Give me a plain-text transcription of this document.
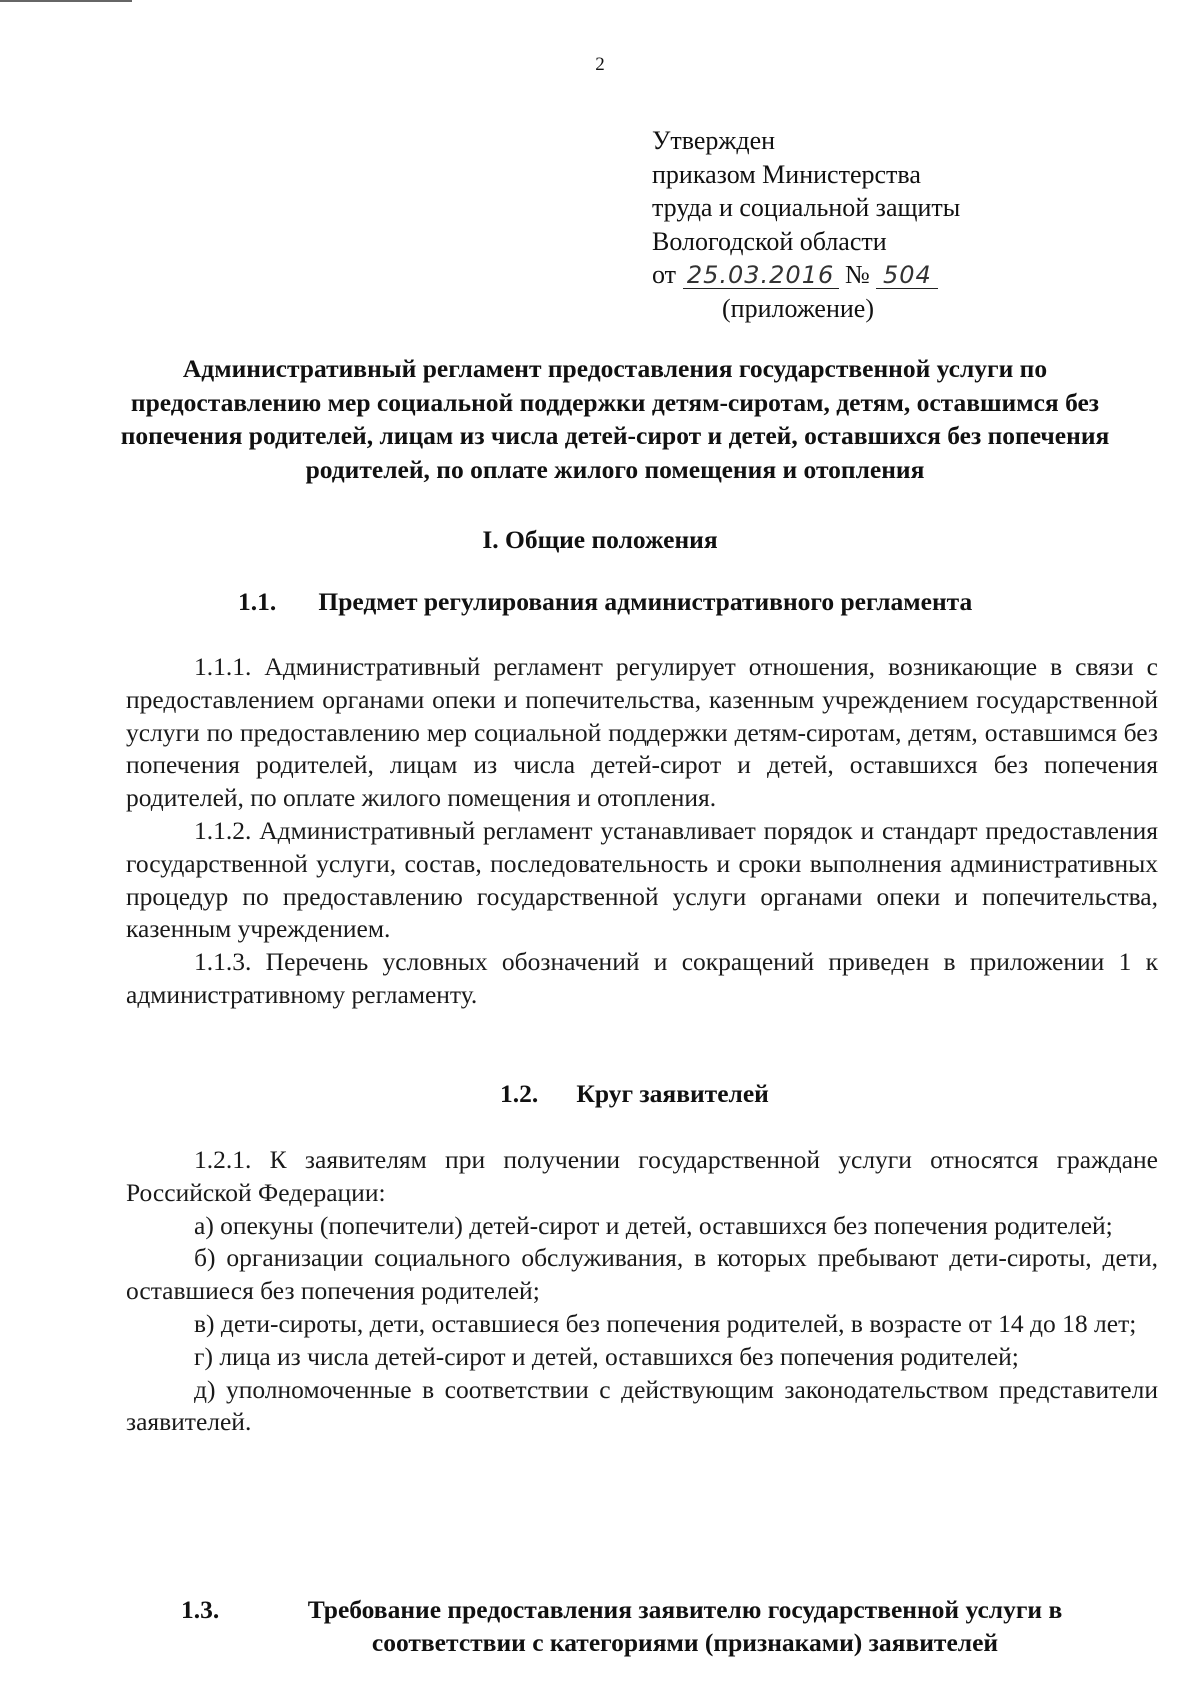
2
Утвержден
приказом Министерства
труда и социальной защиты
Вологодской области
от 25.03.2016 № 504
(приложение)
Административный регламент предоставления государственной услуги по предоставлению мер социальной поддержки детям-сиротам, детям, оставшимся без попечения родителей, лицам из числа детей-сирот и детей, оставшихся без попечения родителей, по оплате жилого помещения и отопления
I. Общие положения
1.1. Предмет регулирования административного регламента

1.1.1. Административный регламент регулирует отношения, возникающие в связи с предоставлением органами опеки и попечительства, казенным учреждением государственной услуги по предоставлению мер социальной поддержки детям-сиротам, детям, оставшимся без попечения родителей, лицам из числа детей-сирот и детей, оставшихся без попечения родителей, по оплате жилого помещения и отопления.

1.1.2. Административный регламент устанавливает порядок и стандарт предоставления государственной услуги, состав, последовательность и сроки выполнения административных процедур по предоставлению государственной услуги органами опеки и попечительства, казенным учреждением.

1.1.3. Перечень условных обозначений и сокращений приведен в приложении 1 к административному регламенту.

1.2. Круг заявителей

1.2.1. К заявителям при получении государственной услуги относятся граждане Российской Федерации:

а) опекуны (попечители) детей-сирот и детей, оставшихся без попечения родителей;

б) организации социального обслуживания, в которых пребывают дети-сироты, дети, оставшиеся без попечения родителей;

в) дети-сироты, дети, оставшиеся без попечения родителей, в возрасте от 14 до 18 лет;

г) лица из числа детей-сирот и детей, оставшихся без попечения родителей;

д) уполномоченные в соответствии с действующим законодательством представители заявителей.

1.3.	Требование предоставления заявителю государственной услуги в соответствии с категориями (признаками) заявителей
